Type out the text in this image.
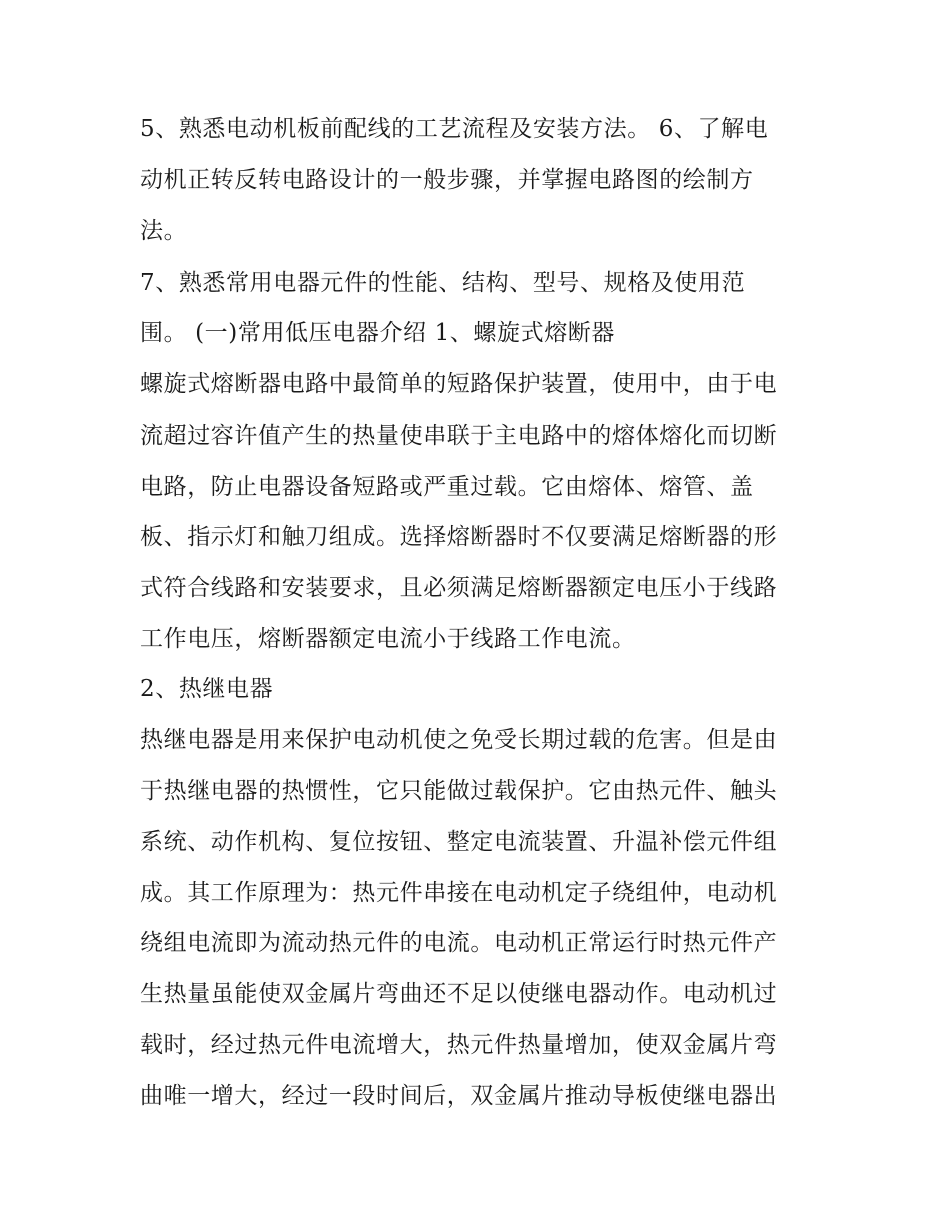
5、熟悉电动机板前配线的工艺流程及安装方法。 6、了解电
动机正转反转电路设计的一般步骤，并掌握电路图的绘制方
法。
7、熟悉常用电器元件的性能、结构、型号、规格及使用范
围。 (一)常用低压电器介绍 1、螺旋式熔断器
螺旋式熔断器电路中最简单的短路保护装置，使用中，由于电
流超过容许值产生的热量使串联于主电路中的熔体熔化而切断
电路，防止电器设备短路或严重过载。它由熔体、熔管、盖
板、指示灯和触刀组成。选择熔断器时不仅要满足熔断器的形
式符合线路和安装要求，且必须满足熔断器额定电压小于线路
工作电压，熔断器额定电流小于线路工作电流。
2、热继电器
热继电器是用来保护电动机使之免受长期过载的危害。但是由
于热继电器的热惯性，它只能做过载保护。它由热元件、触头
系统、动作机构、复位按钮、整定电流装置、升温补偿元件组
成。其工作原理为：热元件串接在电动机定子绕组仲，电动机
绕组电流即为流动热元件的电流。电动机正常运行时热元件产
生热量虽能使双金属片弯曲还不足以使继电器动作。电动机过
载时，经过热元件电流增大，热元件热量增加，使双金属片弯
曲唯一增大，经过一段时间后，双金属片推动导板使继电器出
